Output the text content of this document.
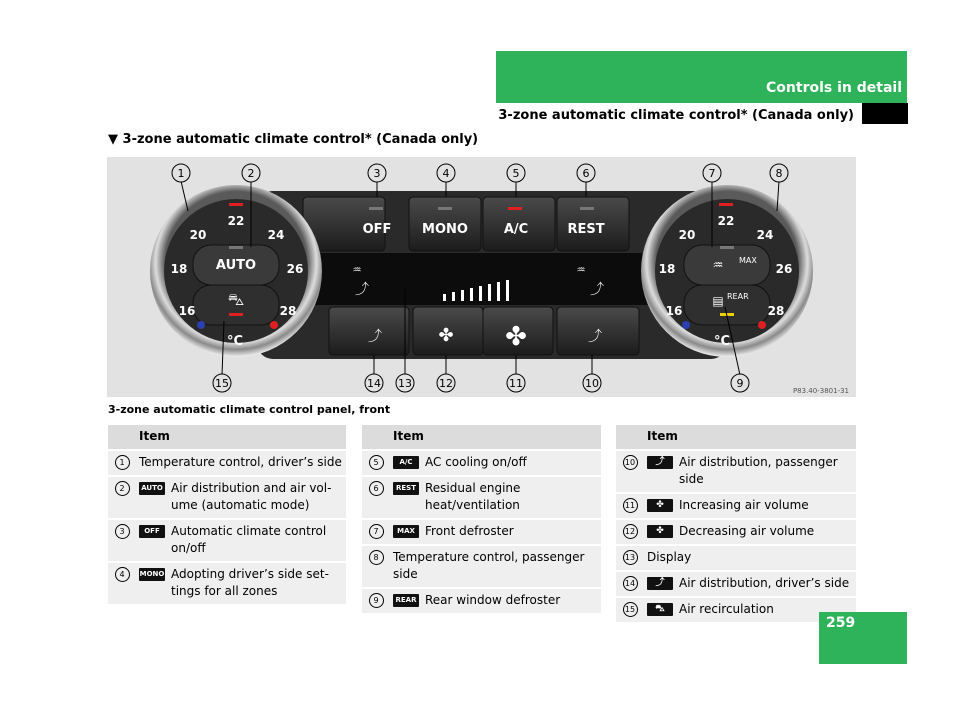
Controls in detail
3-zone automatic climate control* (Canada only)
▼ 3-zone automatic climate control* (Canada only)
OFF MONO	A/C	REST
✤ ✤
⤴	⤴
⤴	⤴
♒	♒
AUTO
⛍
°C
16
18
20
22
24
26
28
♒ MAX
▤ REAR
°C
16
18
20
22
24
26
28
1	2	3	4	5	6	7	8
15	14 13 12	11	10	9
P83.40-3801-31
3-zone automatic climate control panel, front
	Item
1	Temperature control, driver’s side
2	AUTO Air distribution and air vol-
ume (automatic mode)
3	OFF Automatic climate control
on/off
4	MONO Adopting driver’s side set-
tings for all zones
	Item
5	A/C AC cooling on/off
6	REST Residual engine
heat/ventilation
7	MAX Front defroster
8	Temperature control, passenger side
9	REAR Rear window defroster
	Item
10	⤴ Air distribution, passenger
side
11	✤ Increasing air volume
12	✤ Decreasing air volume
13	Display
14	⤴ Air distribution, driver’s side
15	⛍ Air recirculation
259
